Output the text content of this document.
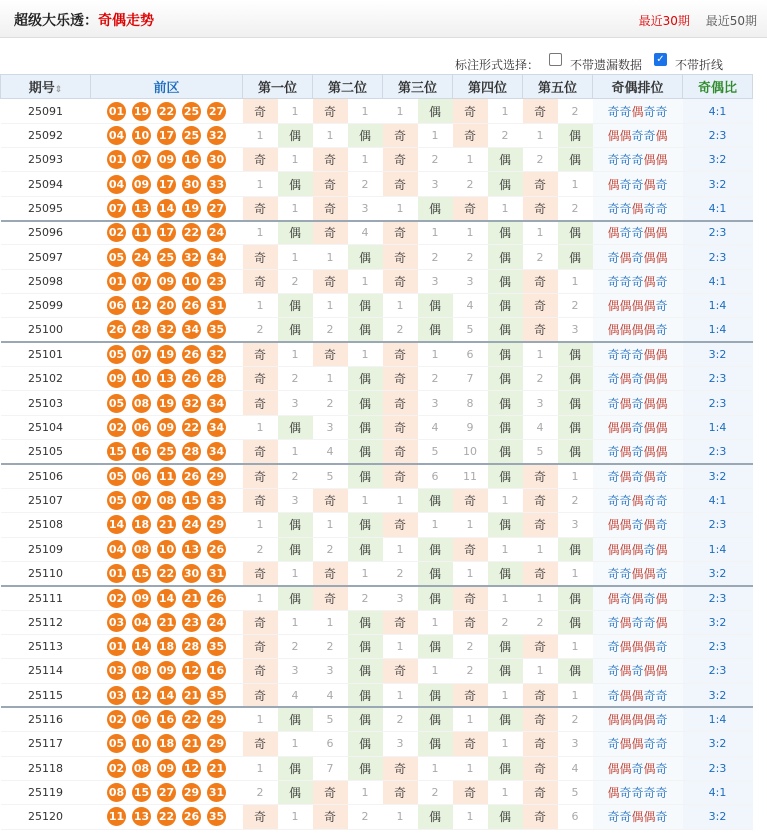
超级大乐透：奇偶走势	最近30期 最近50期
标注形式选择：	不带遗漏数据 ✓ 不带折线
期号⇕	前区	第一位		第二位		第三位		第四位		第五位		奇偶排位	奇偶比
25091	01 19 22 25 27	奇	1	奇	1	1	偶	奇	1	奇	2	奇奇偶奇奇	4:1
25092	04 10 17 25 32	1	偶	1	偶	奇	1	奇	2	1	偶	偶偶奇奇偶	2:3
25093	01 07 09 16 30	奇	1	奇	1	奇	2	1	偶	2	偶	奇奇奇偶偶	3:2
25094	04 09 17 30 33	1	偶	奇	2	奇	3	2	偶	奇	1	偶奇奇偶奇	3:2
25095	07 13 14 19 27	奇	1	奇	3	1	偶	奇	1	奇	2	奇奇偶奇奇	4:1
25096	02 11 17 22 24	1	偶	奇	4	奇	1	1	偶	1	偶	偶奇奇偶偶	2:3
25097	05 24 25 32 34	奇	1	1	偶	奇	2	2	偶	2	偶	奇偶奇偶偶	2:3
25098	01 07 09 10 23	奇	2	奇	1	奇	3	3	偶	奇	1	奇奇奇偶奇	4:1
25099	06 12 20 26 31	1	偶	1	偶	1	偶	4	偶	奇	2	偶偶偶偶奇	1:4
25100	26 28 32 34 35	2	偶	2	偶	2	偶	5	偶	奇	3	偶偶偶偶奇	1:4
25101	05 07 19 26 32	奇	1	奇	1	奇	1	6	偶	1	偶	奇奇奇偶偶	3:2
25102	09 10 13 26 28	奇	2	1	偶	奇	2	7	偶	2	偶	奇偶奇偶偶	2:3
25103	05 08 19 32 34	奇	3	2	偶	奇	3	8	偶	3	偶	奇偶奇偶偶	2:3
25104	02 06 09 22 34	1	偶	3	偶	奇	4	9	偶	4	偶	偶偶奇偶偶	1:4
25105	15 16 25 28 34	奇	1	4	偶	奇	5	10	偶	5	偶	奇偶奇偶偶	2:3
25106	05 06 11 26 29	奇	2	5	偶	奇	6	11	偶	奇	1	奇偶奇偶奇	3:2
25107	05 07 08 15 33	奇	3	奇	1	1	偶	奇	1	奇	2	奇奇偶奇奇	4:1
25108	14 18 21 24 29	1	偶	1	偶	奇	1	1	偶	奇	3	偶偶奇偶奇	2:3
25109	04 08 10 13 26	2	偶	2	偶	1	偶	奇	1	1	偶	偶偶偶奇偶	1:4
25110	01 15 22 30 31	奇	1	奇	1	2	偶	1	偶	奇	1	奇奇偶偶奇	3:2
25111	02 09 14 21 26	1	偶	奇	2	3	偶	奇	1	1	偶	偶奇偶奇偶	2:3
25112	03 04 21 23 24	奇	1	1	偶	奇	1	奇	2	2	偶	奇偶奇奇偶	3:2
25113	01 14 18 28 35	奇	2	2	偶	1	偶	2	偶	奇	1	奇偶偶偶奇	2:3
25114	03 08 09 12 16	奇	3	3	偶	奇	1	2	偶	1	偶	奇偶奇偶偶	2:3
25115	03 12 14 21 35	奇	4	4	偶	1	偶	奇	1	奇	1	奇偶偶奇奇	3:2
25116	02 06 16 22 29	1	偶	5	偶	2	偶	1	偶	奇	2	偶偶偶偶奇	1:4
25117	05 10 18 21 29	奇	1	6	偶	3	偶	奇	1	奇	3	奇偶偶奇奇	3:2
25118	02 08 09 12 21	1	偶	7	偶	奇	1	1	偶	奇	4	偶偶奇偶奇	2:3
25119	08 15 27 29 31	2	偶	奇	1	奇	2	奇	1	奇	5	偶奇奇奇奇	4:1
25120	11 13 22 26 35	奇	1	奇	2	1	偶	1	偶	奇	6	奇奇偶偶奇	3:2
